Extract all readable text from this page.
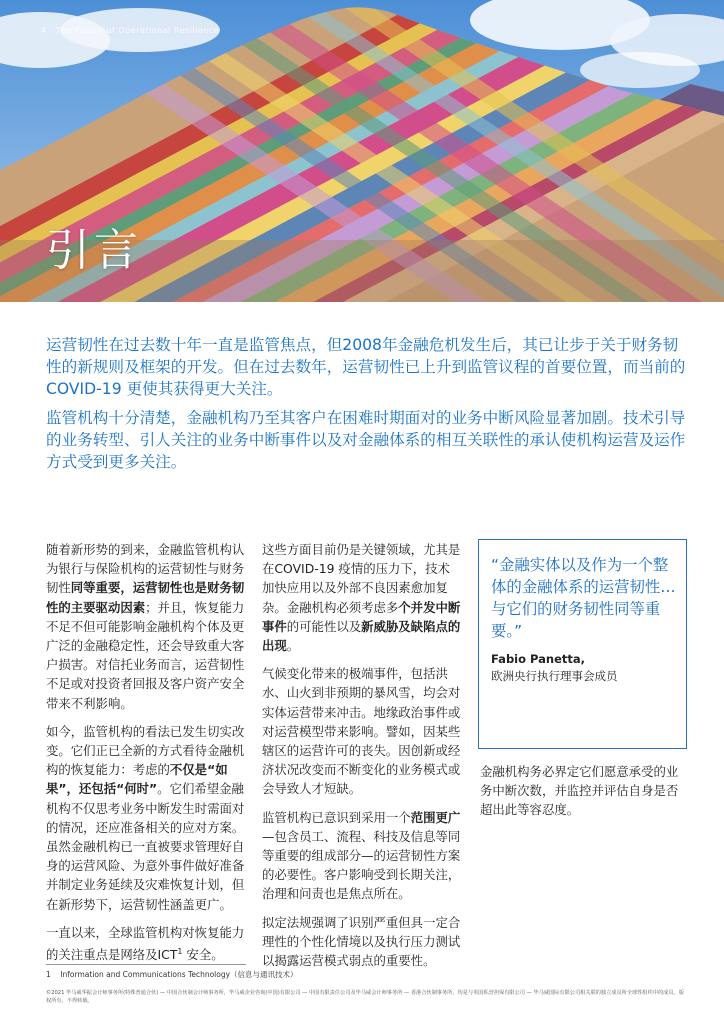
4 · The Future of Operational Resilience
引言

运营韧性在过去数十年一直是监管焦点，但2008年金融危机发生后，其已让步于关于财务韧性的新规则及框架的开发。但在过去数年，运营韧性已上升到监管议程的首要位置，而当前的COVID-19 更使其获得更大关注。

监管机构十分清楚，金融机构乃至其客户在困难时期面对的业务中断风险显著加剧。技术引导的业务转型、引人关注的业务中断事件以及对金融体系的相互关联性的承认使机构运营及运作方式受到更多关注。

随着新形势的到来，金融监管机构认为银行与保险机构的运营韧性与财务韧性同等重要，运营韧性也是财务韧性的主要驱动因素；并且，恢复能力不足不但可能影响金融机构个体及更广泛的金融稳定性，还会导致重大客户损害。对信托业务而言，运营韧性不足或对投资者回报及客户资产安全带来不利影响。

如今，监管机构的看法已发生切实改变。它们正已全新的方式看待金融机构的恢复能力：考虑的不仅是“如果”，还包括“何时”。它们希望金融机构不仅思考业务中断发生时需面对的情况，还应准备相关的应对方案。虽然金融机构已一直被要求管理好自身的运营风险、为意外事件做好准备并制定业务延续及灾难恢复计划，但在新形势下，运营韧性涵盖更广。

一直以来，全球监管机构对恢复能力的关注重点是网络及ICT$^1$ 安全。

这些方面目前仍是关键领域，尤其是在COVID-19 疫情的压力下，技术加快应用以及外部不良因素愈加复杂。金融机构必须考虑多个并发中断事件的可能性以及新威胁及缺陷点的出现。

气候变化带来的极端事件，包括洪水、山火到非预期的暴风雪，均会对实体运营带来冲击。地缘政治事件或对运营模型带来影响。譬如，因某些辖区的运营许可的丧失。因创新或经济状况改变而不断变化的业务模式或会导致人才短缺。

监管机构已意识到采用一个范围更广—包含员工、流程、科技及信息等同等重要的组成部分—的运营韧性方案的必要性。客户影响受到长期关注，治理和问责也是焦点所在。

拟定法规强调了识别严重但具一定合理性的个性化情境以及执行压力测试以揭露运营模式弱点的重要性。

“金融实体以及作为一个整体的金融体系的运营韧性…与它们的财务韧性同等重要。”
Fabio Panetta,
欧洲央行执行理事会成员

金融机构务必界定它们愿意承受的业务中断次数，并监控并评估自身是否超出此等容忍度。

1 Information and Communications Technology（信息与通讯技术）
©2021 毕马威华振会计师事务所(特殊普通合伙) — 中国合伙制会计师事务所，毕马威企业咨询(中国)有限公司 — 中国有限责任公司及毕马威会计师事务所 — 香港合伙制事务所，均是与英国私营担保有限公司 — 毕马威国际有限公司相关联的独立成员所全球性组织中的成员。版权所有，不得转载。
